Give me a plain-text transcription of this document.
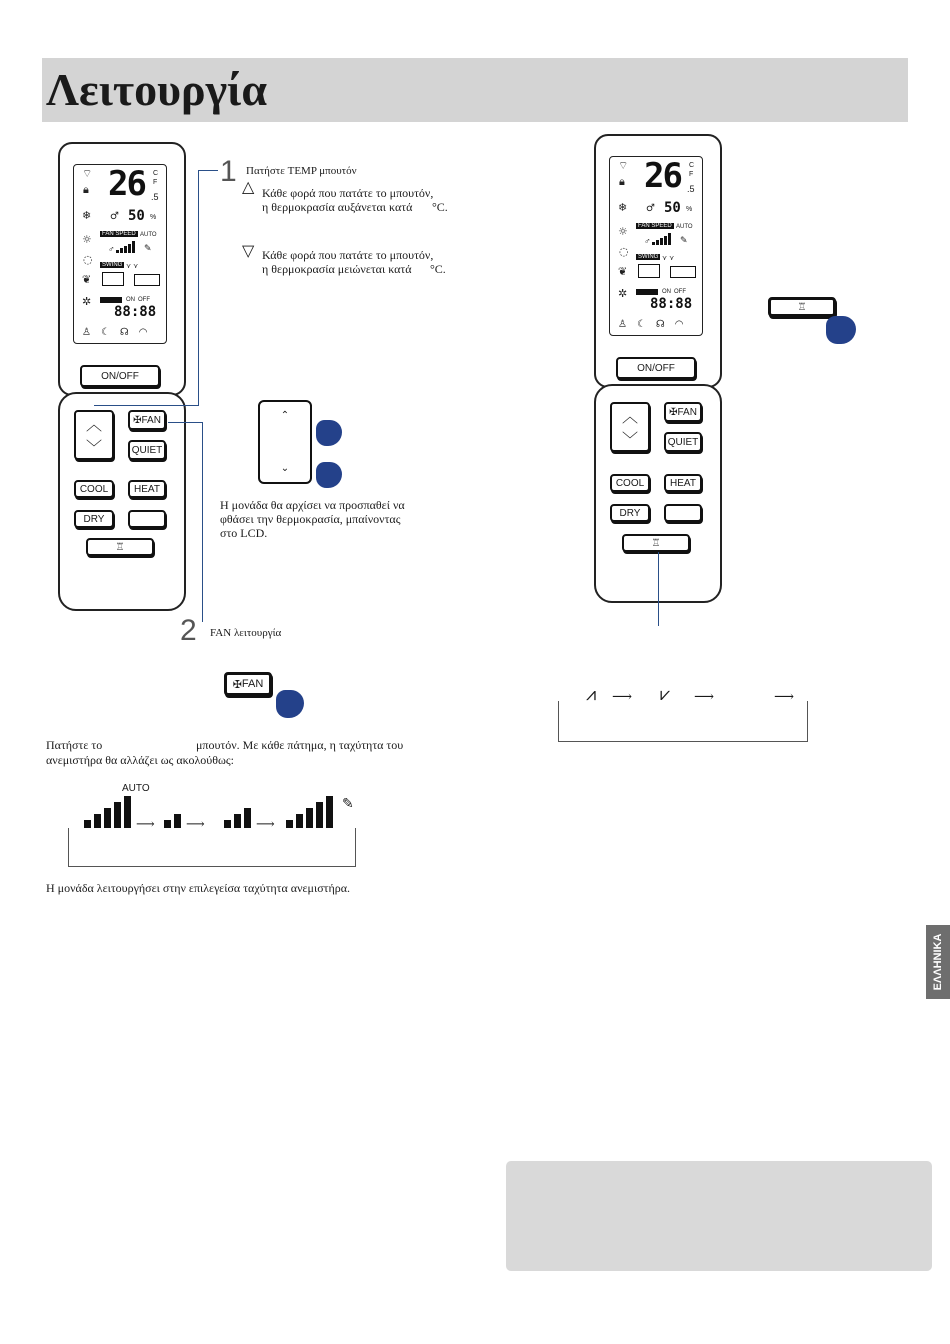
Λειτουργία
⌔
🔒︎
❄
☼
◌
❦
✲
26 C
F
.5
♂ 50 %
FAN SPEED AUTO
♂	✎
SWING ⋎ ⋎
ON OFF
88:88
♙☾☊◠
ON/OFF
︿
﹀
✠ FAN
QUIET
COOL	HEAT
DRY
♖
1 Πατήστε TEMP μπουτόν
△ Κάθε φορά που πατάτε το μπουτόν,
η θερμοκρασία αυξάνεται κατά °C.
▽ Κάθε φορά που πατάτε το μπουτόν,
η θερμοκρασία μειώνεται κατά °C.
⌃
⌄
Η μονάδα θα αρχίσει να προσπαθεί να
φθάσει την θερμοκρασία, μπαίνοντας
στο LCD.
2 FAN λειτουργία
✠ FAN
Πατήστε το	μπουτόν. Με κάθε πάτημα, η ταχύτητα του
ανεμιστήρα θα αλλάζει ως ακολούθως:
AUTO
⟶ ⟶	⟶
✎
Η μονάδα λειτουργήσει στην επιλεγείσα ταχύτητα ανεμιστήρα.
⌔
🔒︎
❄
☼
◌
❦
✲
26 C
F
.5
♂ 50 %
FAN SPEED AUTO
♂	✎
SWING ⋎ ⋎
ON OFF
88:88
♙☾☊◠
ON/OFF
︿
﹀
✠ FAN
QUIET
COOL	HEAT
DRY
♖
♖
⩘ ⟶ ⩗ ⟶	⟶
ΕΛΛΗΝΙΚΑ
